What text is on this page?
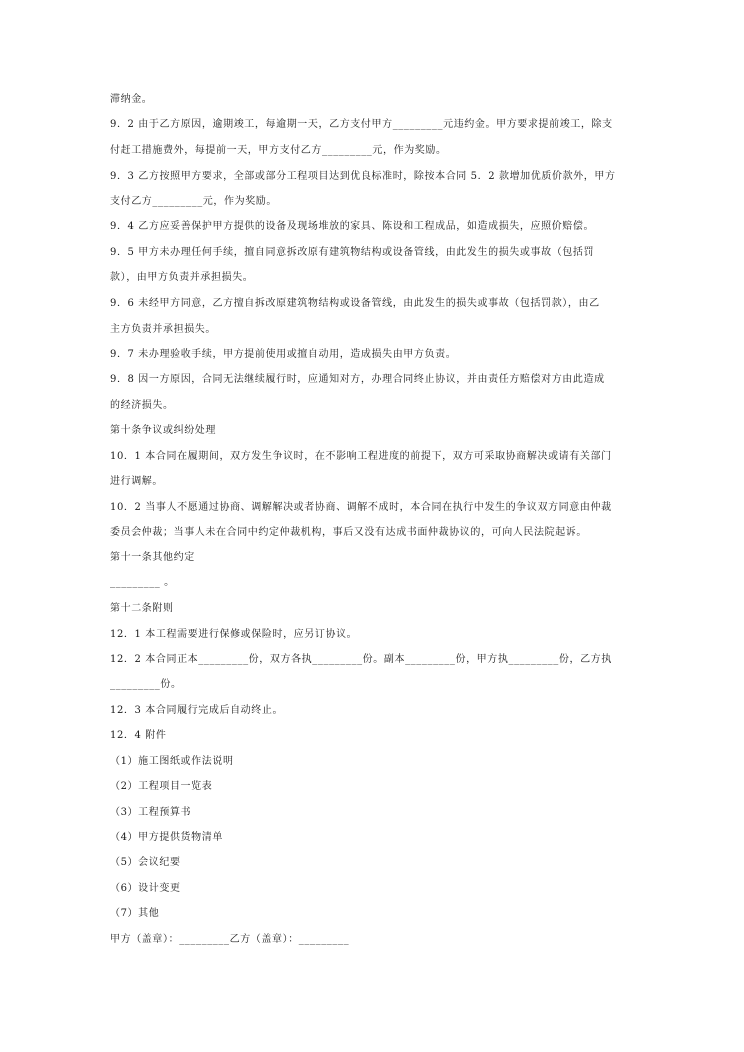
滞纳金。
9．2 由于乙方原因，逾期竣工，每逾期一天，乙方支付甲方_________元违约金。甲方要求提前竣工，除支
付赶工措施费外，每提前一天，甲方支付乙方_________元，作为奖励。
9．3 乙方按照甲方要求，全部或部分工程项目达到优良标准时，除按本合同 5．2 款增加优质价款外，甲方
支付乙方_________元，作为奖励。
9．4 乙方应妥善保护甲方提供的设备及现场堆放的家具、陈设和工程成品，如造成损失，应照价赔偿。
9．5 甲方未办理任何手续，擅自同意拆改原有建筑物结构或设备管线，由此发生的损失或事故（包括罚
款），由甲方负责并承担损失。
9．6 未经甲方同意，乙方擅自拆改原建筑物结构或设备管线，由此发生的损失或事故（包括罚款），由乙
主方负责并承担损失。
9．7 未办理验收手续，甲方提前使用或擅自动用，造成损失由甲方负责。
9．8 因一方原因，合同无法继续履行时，应通知对方，办理合同终止协议，并由责任方赔偿对方由此造成
的经济损失。
第十条争议或纠纷处理
10．1 本合同在履期间，双方发生争议时，在不影响工程进度的前提下，双方可采取协商解决或请有关部门
进行调解。
10．2 当事人不愿通过协商、调解解决或者协商、调解不成时，本合同在执行中发生的争议双方同意由仲裁
委员会仲裁；当事人未在合同中约定仲裁机构，事后又没有达成书面仲裁协议的，可向人民法院起诉。
第十一条其他约定
_________ 。
第十二条附则
12．1 本工程需要进行保修或保险时，应另订协议。
12．2 本合同正本_________份，双方各执_________份。副本_________份，甲方执_________份，乙方执
_________份。
12．3 本合同履行完成后自动终止。
12．4 附件
（1）施工图纸或作法说明
（2）工程项目一览表
（3）工程预算书
（4）甲方提供货物清单
（5）会议纪要
（6）设计变更
（7）其他
甲方（盖章）：_________乙方（盖章）：_________
